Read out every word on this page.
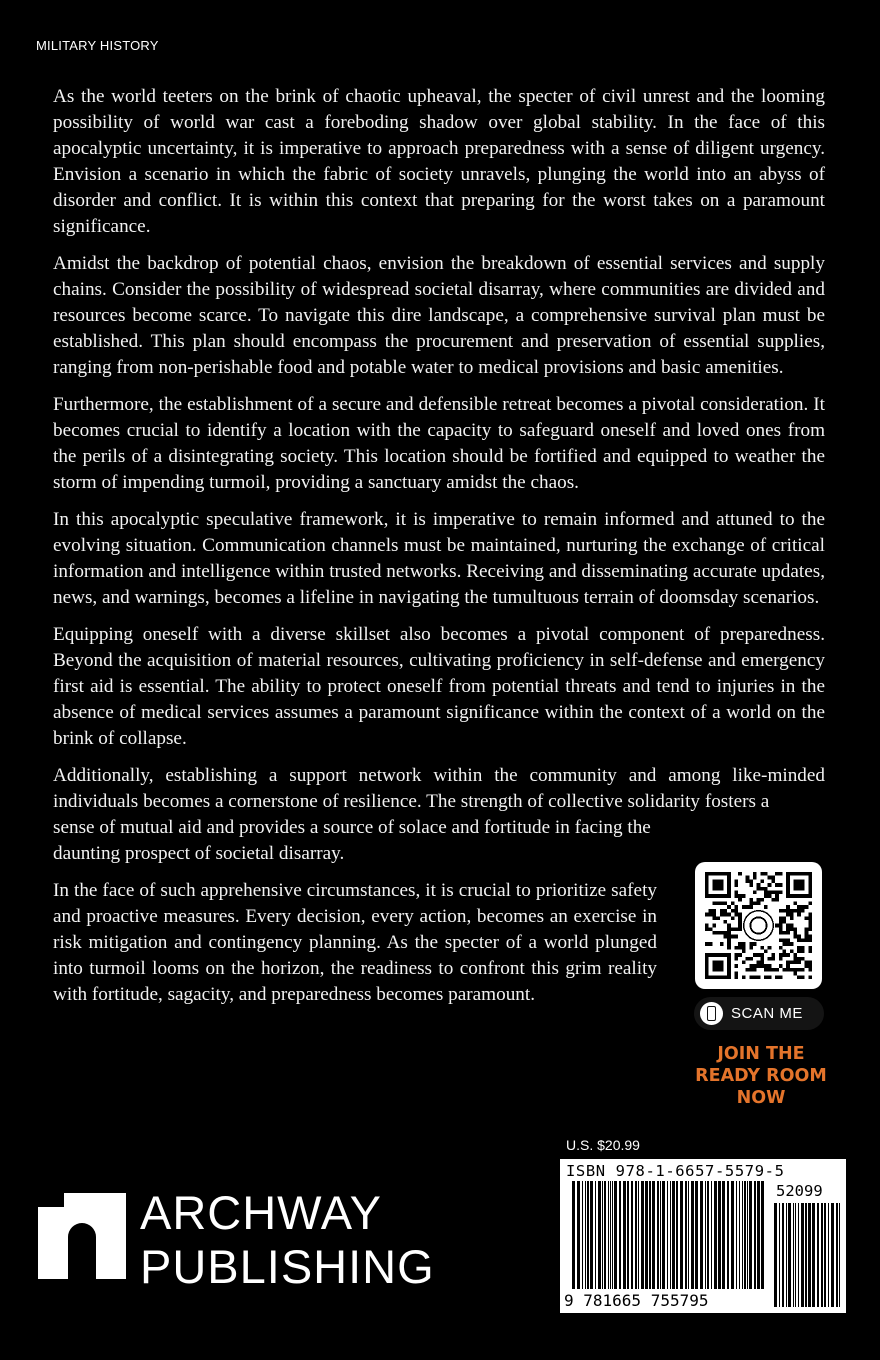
MILITARY HISTORY

As the world teeters on the brink of chaotic upheaval, the specter of civil unrest and the looming possibility of world war cast a foreboding shadow over global stability. In the face of this apocalyptic uncertainty, it is imperative to approach preparedness with a sense of diligent urgency. Envision a scenario in which the fabric of society unravels, plunging the world into an abyss of disorder and conflict. It is within this context that preparing for the worst takes on a paramount significance.

Amidst the backdrop of potential chaos, envision the breakdown of essential services and supply chains. Consider the possibility of widespread societal disarray, where communities are divided and resources become scarce. To navigate this dire landscape, a comprehensive survival plan must be established. This plan should encompass the procurement and preservation of essential supplies, ranging from non-perishable food and potable water to medical provisions and basic amenities.

Furthermore, the establishment of a secure and defensible retreat becomes a pivotal consideration. It becomes crucial to identify a location with the capacity to safeguard oneself and loved ones from the perils of a disintegrating society. This location should be fortified and equipped to weather the storm of impending turmoil, providing a sanctuary amidst the chaos.

In this apocalyptic speculative framework, it is imperative to remain informed and attuned to the evolving situation. Communication channels must be maintained, nurturing the exchange of critical information and intelligence within trusted networks. Receiving and disseminating accurate updates, news, and warnings, becomes a lifeline in navigating the tumultuous terrain of doomsday scenarios.

Equipping oneself with a diverse skillset also becomes a pivotal component of preparedness. Beyond the acquisition of material resources, cultivating proficiency in self-defense and emergency first aid is essential. The ability to protect oneself from potential threats and tend to injuries in the absence of medical services assumes a paramount significance within the context of a world on the brink of collapse.

Additionally, establishing a support network within the community and among like-minded individuals becomes a cornerstone of resilience. The strength of collective solidarity fosters a

sense of mutual aid and provides a source of solace and fortitude in facing the daunting prospect of societal disarray.

In the face of such apprehensive circumstances, it is crucial to prioritize safety and proactive measures. Every decision, every action, becomes an exercise in risk mitigation and contingency planning. As the specter of a world plunged into turmoil looms on the horizon, the readiness to confront this grim reality with fortitude, sagacity, and preparedness becomes paramount.

SCAN ME
JOIN THE
READY ROOM
NOW
U.S. $20.99
ISBN 978-1-6657-5579-5
52099
9 781665 755795
ARCHWAY
PUBLISHING
